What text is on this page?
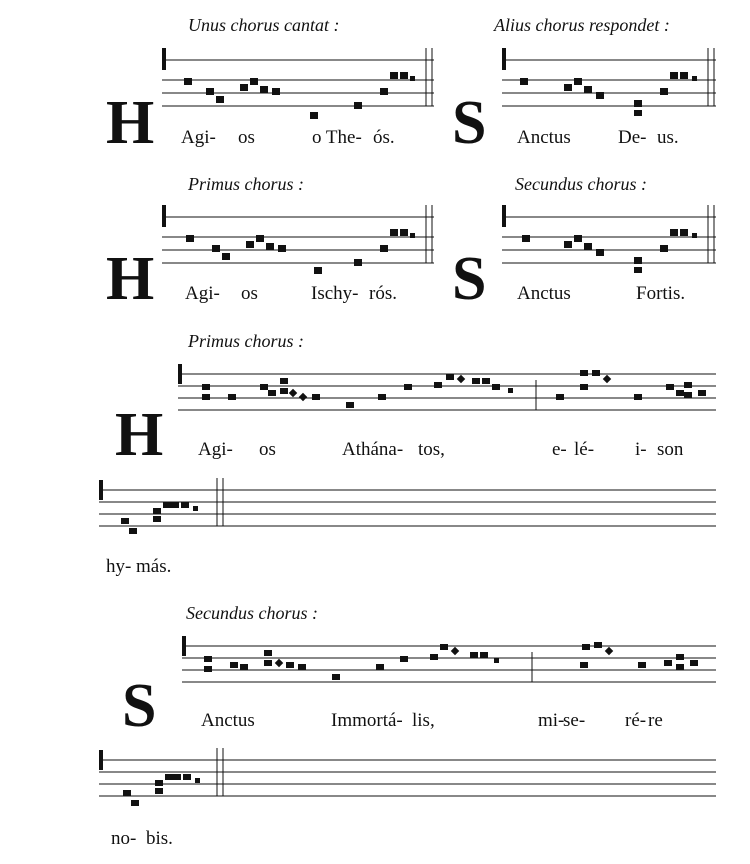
Unus chorus cantat :	Alius chorus respondet :
H Agi- os	o The- ós. S Anctus De- us.
Primus chorus :	Secundus chorus :
H Agi- os	Ischy- rós. S Anctus	Fortis.
Primus chorus :
H Agi- os	Athána- tos,	e- lé- i- son
hy- más.
Secundus chorus :
S Anctus	Immortá- lis,	mi-
se- ré- re
no- bis.
